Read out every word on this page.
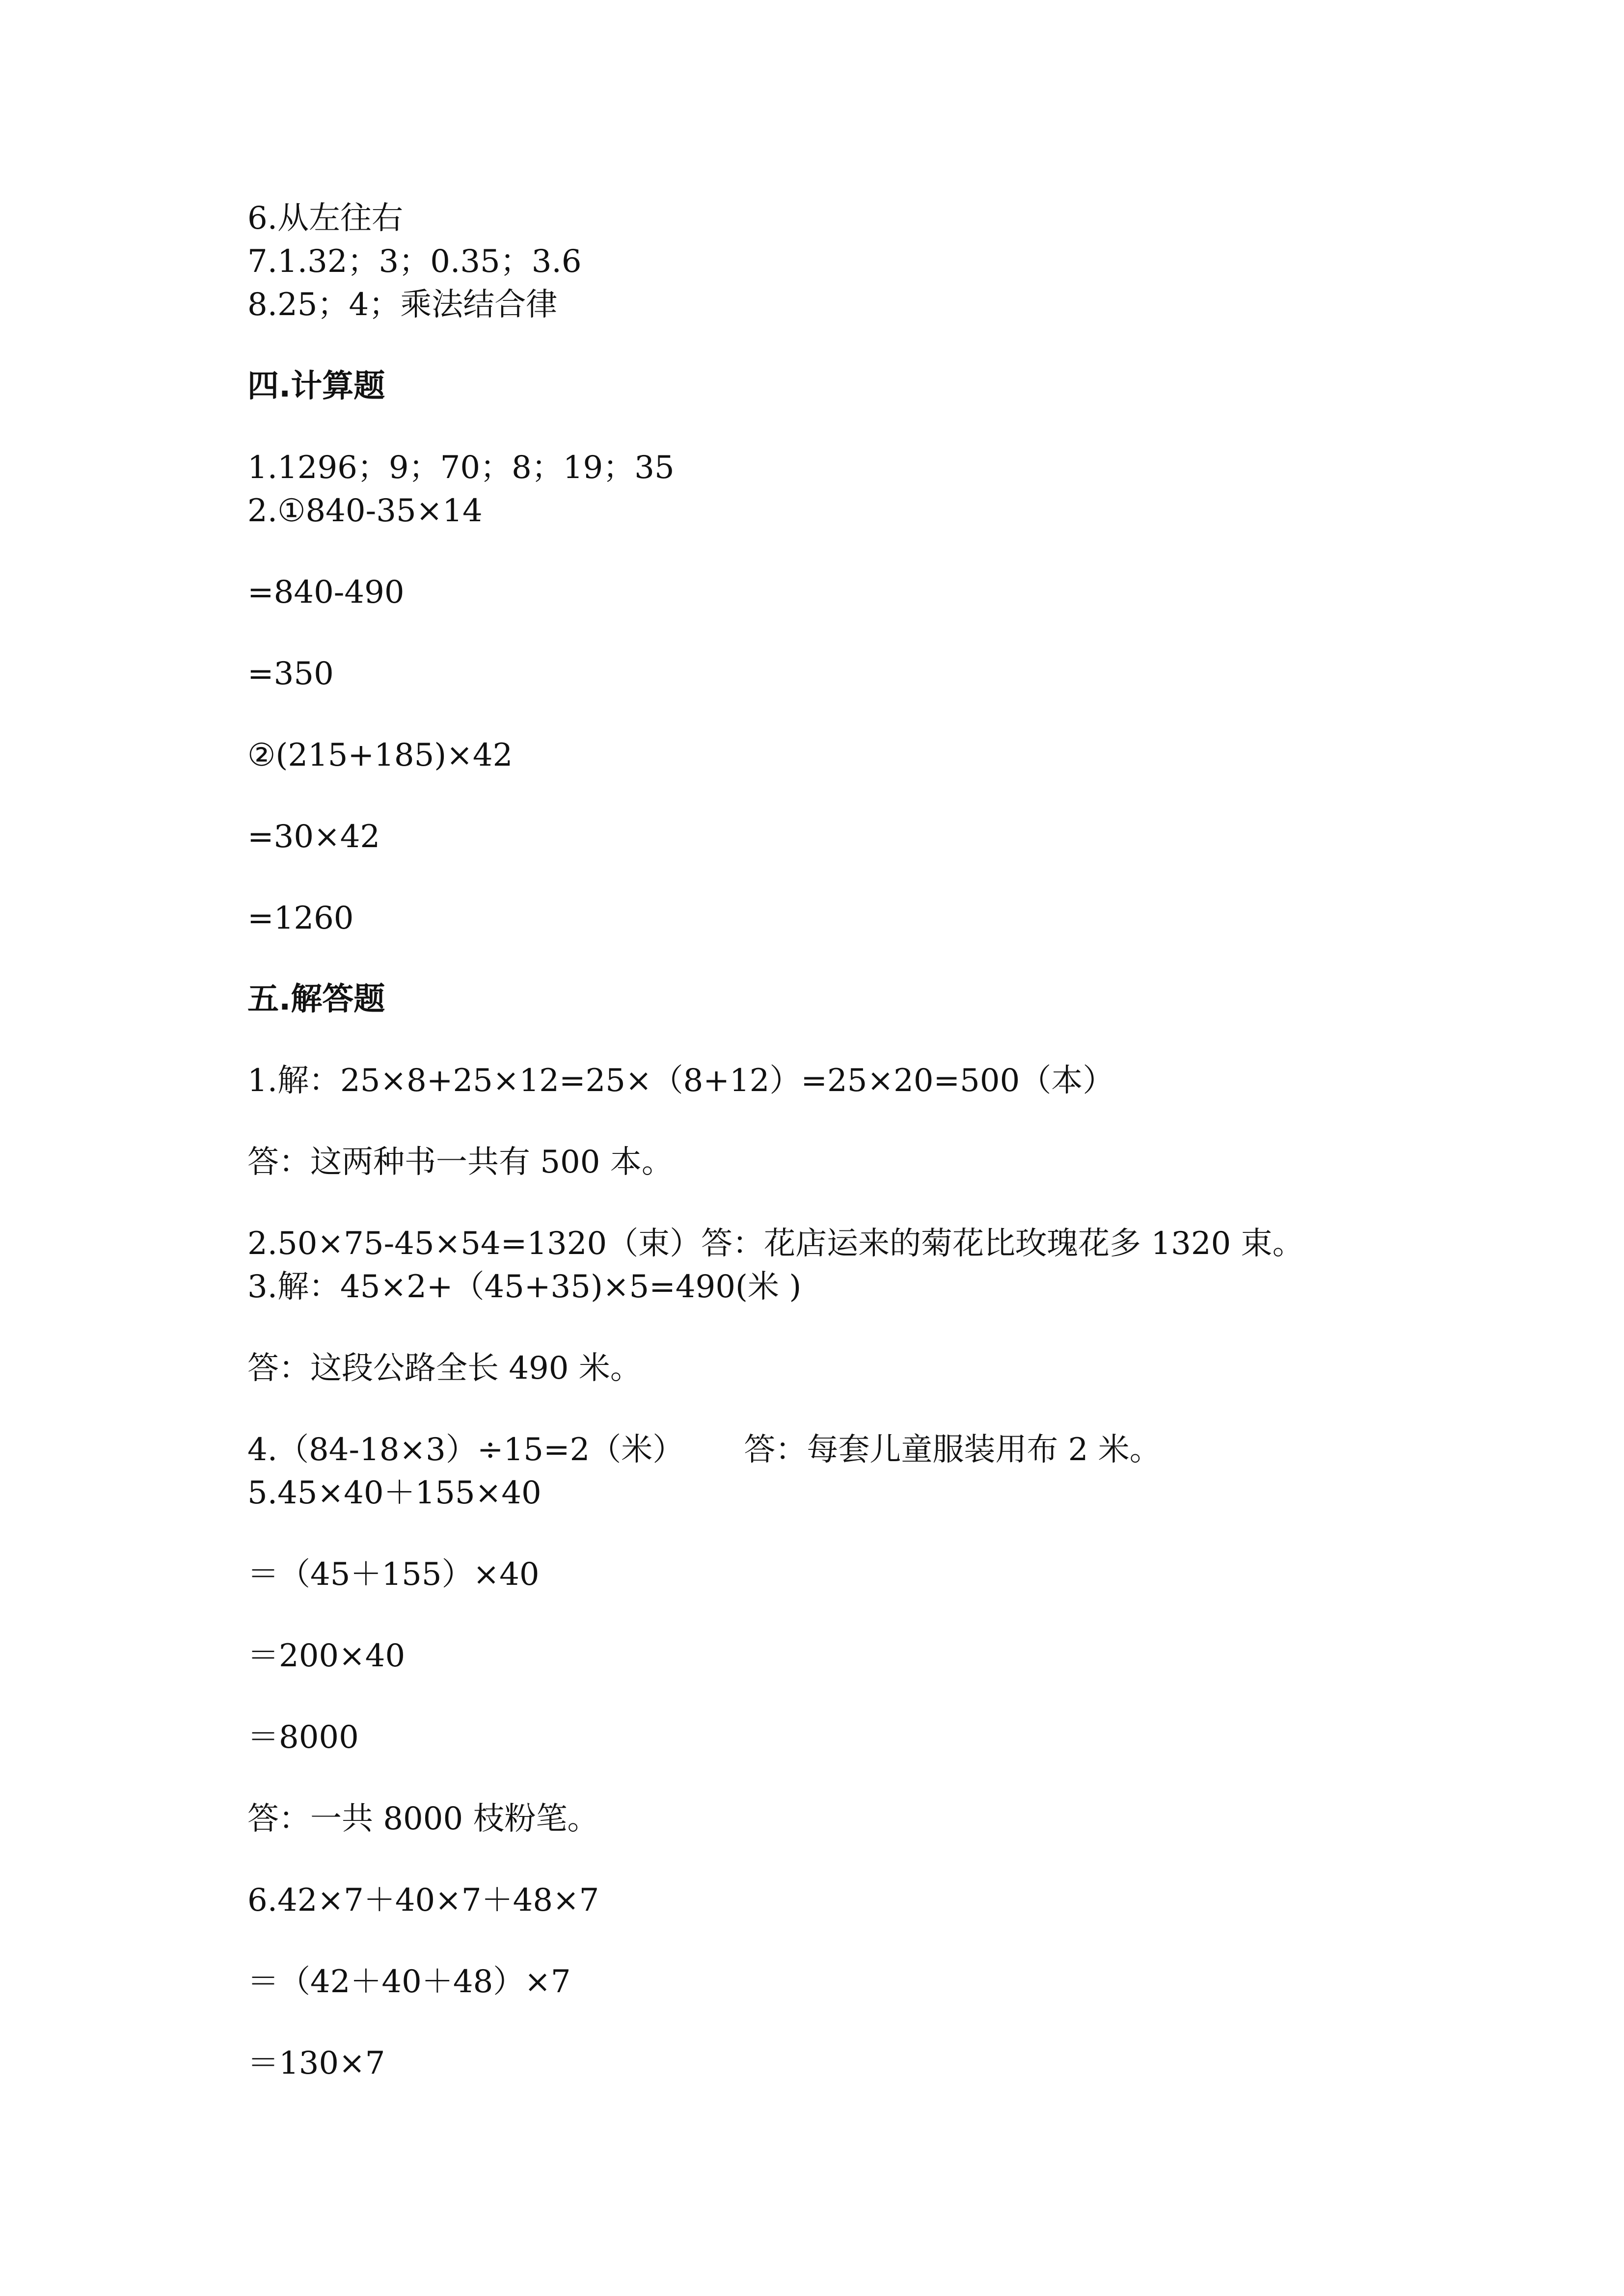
6.从左往右
7.1.32；3；0.35；3.6
8.25；4；乘法结合律
四.计算题
1.1296；9；70；8；19；35
2.①840-35×14
=840-490
=350
②(215+185)×42
=30×42
=1260
五.解答题
1.解：25×8+25×12=25×（8+12）=25×20=500（本）
答：这两种书一共有 500 本。
2.50×75-45×54=1320（束）答：花店运来的菊花比玫瑰花多 1320 束。
3.解：45×2+（45+35)×5=490(米 )
答：这段公路全长 490 米。
4.（84-18×3）÷15=2（米）      答：每套儿童服装用布 2 米。
5.45×40＋155×40
＝（45＋155）×40
＝200×40
＝8000
答：一共 8000 枝粉笔。
6.42×7＋40×7＋48×7
＝（42＋40＋48）×7
＝130×7
